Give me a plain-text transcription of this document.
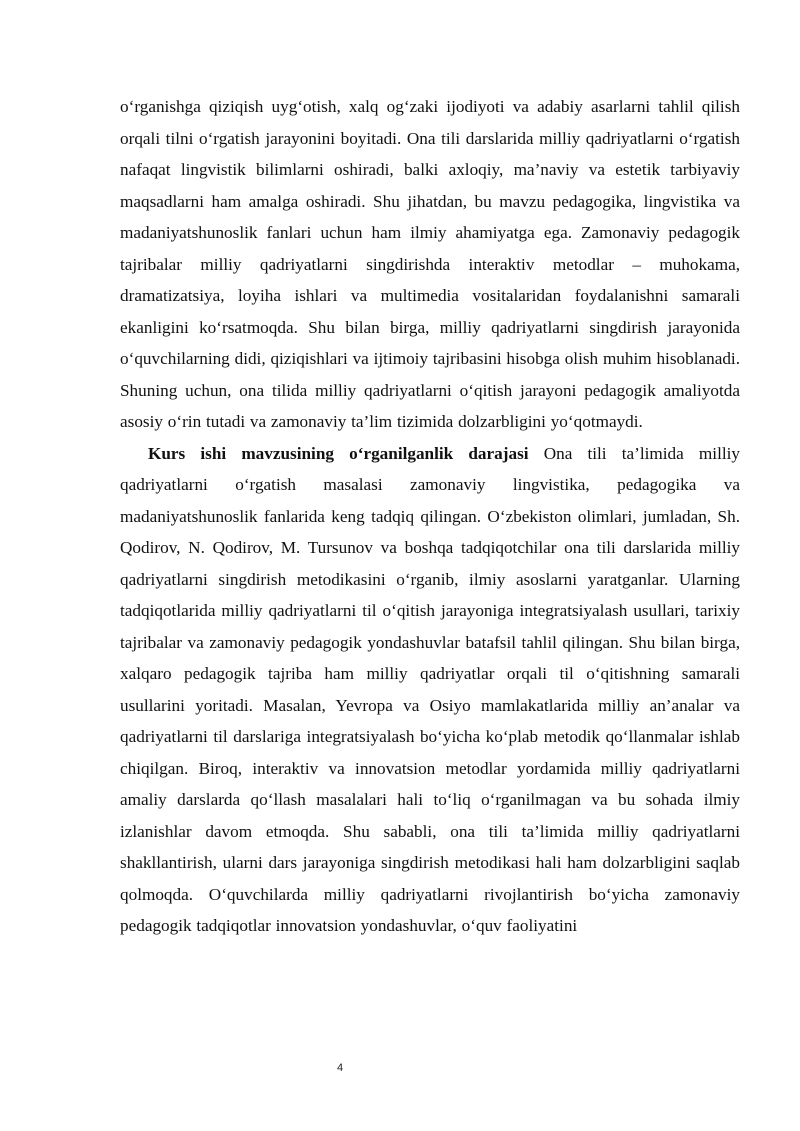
o‘rganishga qiziqish uyg‘otish, xalq og‘zaki ijodiyoti va adabiy asarlarni tahlil qilish orqali tilni o‘rgatish jarayonini boyitadi. Ona tili darslarida milliy qadriyatlarni o‘rgatish nafaqat lingvistik bilimlarni oshiradi, balki axloqiy, ma’naviy va estetik tarbiyaviy maqsadlarni ham amalga oshiradi. Shu jihatdan, bu mavzu pedagogika, lingvistika va madaniyatshunoslik fanlari uchun ham ilmiy ahamiyatga ega. Zamonaviy pedagogik tajribalar milliy qadriyatlarni singdirishda interaktiv metodlar – muhokama, dramatizatsiya, loyiha ishlari va multimedia vositalaridan foydalanishni samarali ekanligini ko‘rsatmoqda. Shu bilan birga, milliy qadriyatlarni singdirish jarayonida o‘quvchilarning didi, qiziqishlari va ijtimoiy tajribasini hisobga olish muhim hisoblanadi. Shuning uchun, ona tilida milliy qadriyatlarni o‘qitish jarayoni pedagogik amaliyotda asosiy o‘rin tutadi va zamonaviy ta’lim tizimida dolzarbligini yo‘qotmaydi.

Kurs ishi mavzusining o‘rganilganlik darajasi Ona tili ta’limida milliy qadriyatlarni o‘rgatish masalasi zamonaviy lingvistika, pedagogika va madaniyatshunoslik fanlarida keng tadqiq qilingan. O‘zbekiston olimlari, jumladan, Sh. Qodirov, N. Qodirov, M. Tursunov va boshqa tadqiqotchilar ona tili darslarida milliy qadriyatlarni singdirish metodikasini o‘rganib, ilmiy asoslarni yaratganlar. Ularning tadqiqotlarida milliy qadriyatlarni til o‘qitish jarayoniga integratsiyalash usullari, tarixiy tajribalar va zamonaviy pedagogik yondashuvlar batafsil tahlil qilingan. Shu bilan birga, xalqaro pedagogik tajriba ham milliy qadriyatlar orqali til o‘qitishning samarali usullarini yoritadi. Masalan, Yevropa va Osiyo mamlakatlarida milliy an’analar va qadriyatlarni til darslariga integratsiyalash bo‘yicha ko‘plab metodik qo‘llanmalar ishlab chiqilgan. Biroq, interaktiv va innovatsion metodlar yordamida milliy qadriyatlarni amaliy darslarda qo‘llash masalalari hali to‘liq o‘rganilmagan va bu sohada ilmiy izlanishlar davom etmoqda. Shu sababli, ona tili ta’limida milliy qadriyatlarni shakllantirish, ularni dars jarayoniga singdirish metodikasi hali ham dolzarbligini saqlab qolmoqda. O‘quvchilarda milliy qadriyatlarni rivojlantirish bo‘yicha zamonaviy pedagogik tadqiqotlar innovatsion yondashuvlar, o‘quv faoliyatini

4
